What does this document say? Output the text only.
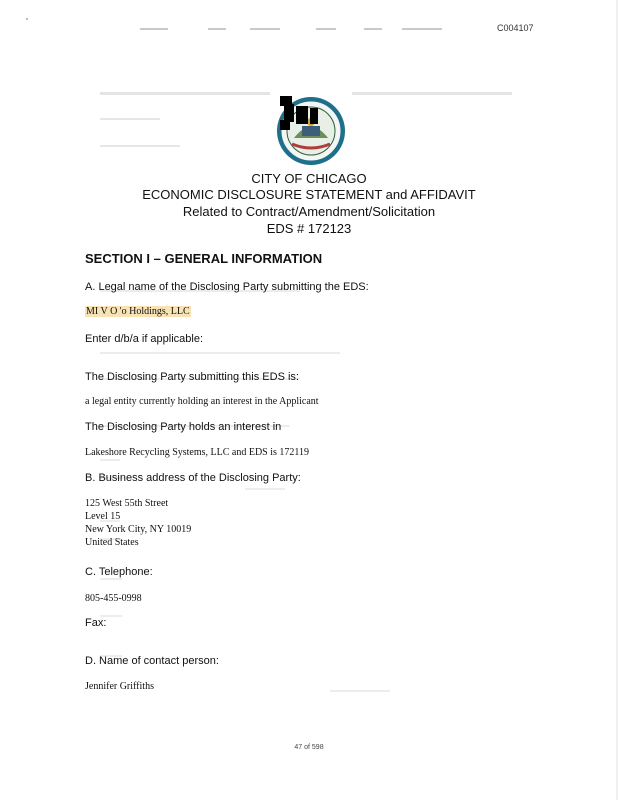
C004107
CITY OF CHICAGO
ECONOMIC DISCLOSURE STATEMENT and AFFIDAVIT
Related to Contract/Amendment/Solicitation
EDS # 172123
SECTION I – GENERAL INFORMATION
A. Legal name of the Disclosing Party submitting the EDS:
MI V O 'o Holdings, LLC
Enter d/b/a if applicable:
The Disclosing Party submitting this EDS is:
a legal entity currently holding an interest in the Applicant
The Disclosing Party holds an interest in
Lakeshore Recycling Systems, LLC and EDS is 172119
B. Business address of the Disclosing Party:
125 West 55th Street
Level 15
New York City, NY 10019
United States
C. Telephone:
805-455-0998
Fax:
D. Name of contact person:
Jennifer Griffiths
47 of 598
